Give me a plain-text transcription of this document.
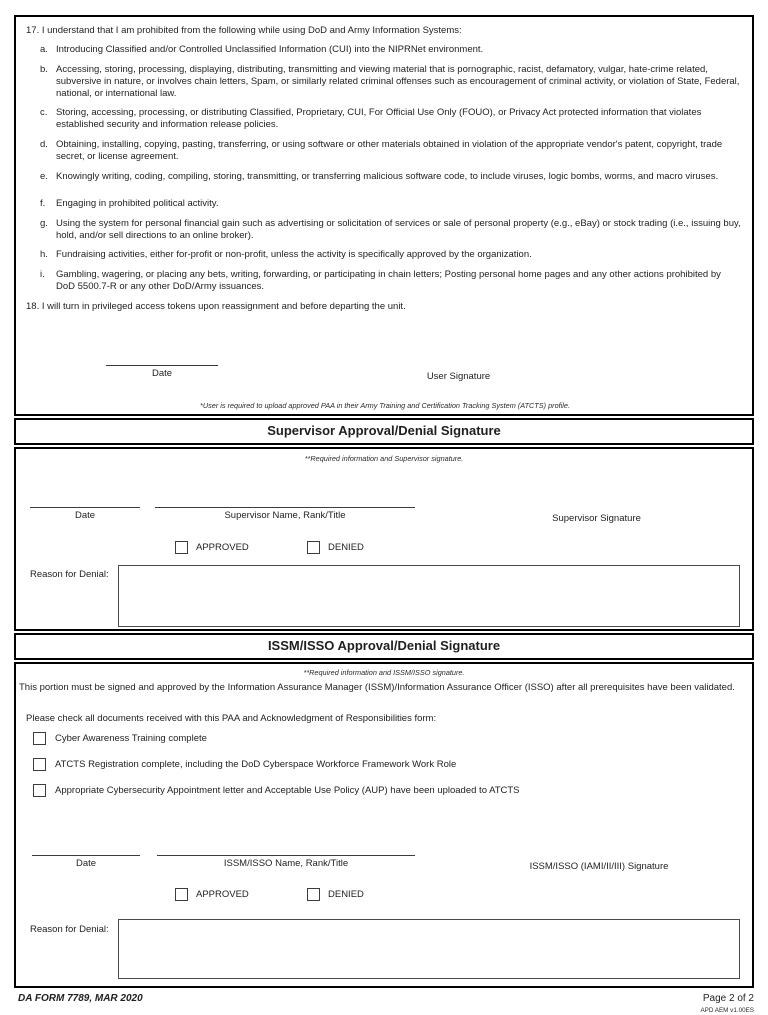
17. I understand that I am prohibited from the following while using DoD and Army Information Systems:
a. Introducing Classified and/or Controlled Unclassified Information (CUI) into the NIPRNet environment.
b. Accessing, storing, processing, displaying, distributing, transmitting and viewing material that is pornographic, racist, defamatory, vulgar, hate-crime related, subversive in nature, or involves chain letters, Spam, or similarly related criminal offenses such as encouragement of criminal activity, or violation of State, Federal, national, or international law.
c. Storing, accessing, processing, or distributing Classified, Proprietary, CUI, For Official Use Only (FOUO), or Privacy Act protected information that violates established security and information release policies.
d. Obtaining, installing, copying, pasting, transferring, or using software or other materials obtained in violation of the appropriate vendor's patent, copyright, trade secret, or license agreement.
e. Knowingly writing, coding, compiling, storing, transmitting, or transferring malicious software code, to include viruses, logic bombs, worms, and macro viruses.
f.	Engaging in prohibited political activity.
g. Using the system for personal financial gain such as advertising or solicitation of services or sale of personal property (e.g., eBay) or stock trading (i.e., issuing buy, hold, and/or sell directions to an online broker).
h. Fundraising activities, either for-profit or non-profit, unless the activity is specifically approved by the organization.
i.	Gambling, wagering, or placing any bets, writing, forwarding, or participating in chain letters; Posting personal home pages and any other actions prohibited by DoD 5500.7-R or any other DoD/Army issuances.
18. I will turn in privileged access tokens upon reassignment and before departing the unit.
Date	User Signature
*User is required to upload approved PAA in their Army Training and Certification Tracking System (ATCTS) profile.
Supervisor Approval/Denial Signature
**Required information and Supervisor signature.
Date	Supervisor Name, Rank/Title	Supervisor Signature
APPROVED	DENIED
Reason for Denial:
ISSM/ISSO Approval/Denial Signature
**Required information and ISSM/ISSO signature.
This portion must be signed and approved by the Information Assurance Manager (ISSM)/Information Assurance Officer (ISSO) after all prerequisites have been validated.
Please check all documents received with this PAA and Acknowledgment of Responsibilities form:
Cyber Awareness Training complete
ATCTS Registration complete, including the DoD Cyberspace Workforce Framework Work Role
Appropriate Cybersecurity Appointment letter and Acceptable Use Policy (AUP) have been uploaded to ATCTS
Date	ISSM/ISSO Name, Rank/Title	ISSM/ISSO (IAMI/II/III) Signature
APPROVED	DENIED
Reason for Denial:
DA FORM 7789, MAR 2020	Page 2 of 2
APD AEM v1.00ES
